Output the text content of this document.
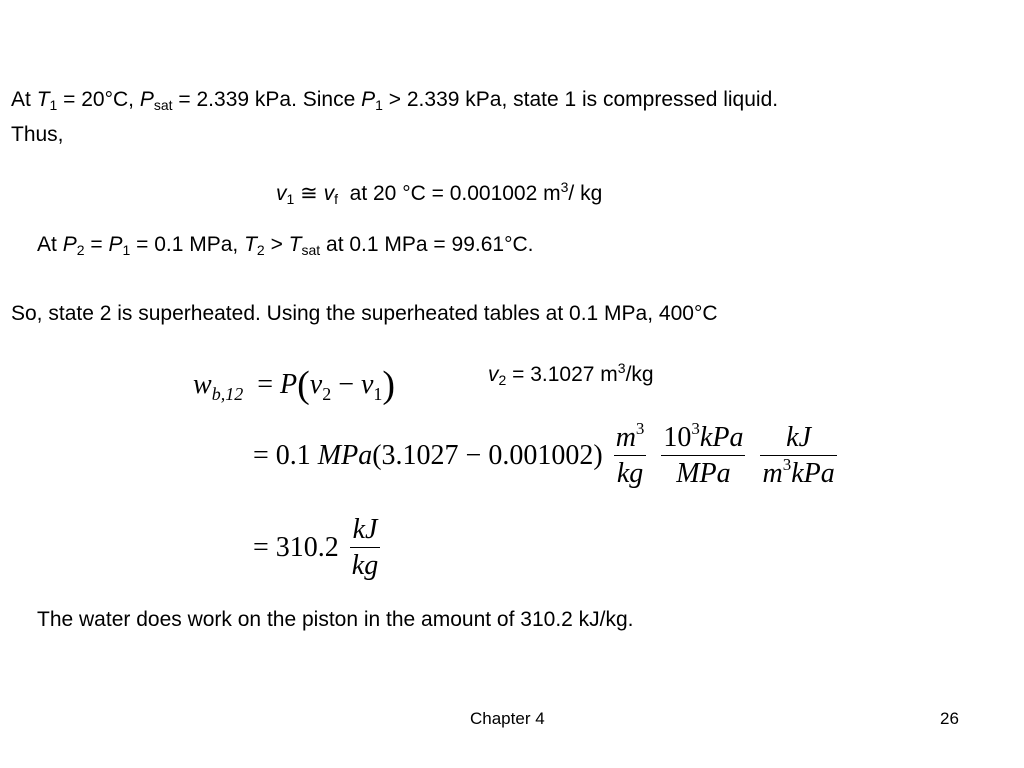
At $T_1 = 20^\circ C$, $P_{sat} = 2.339$ kPa. Since $P_1 > 2.339$ kPa, state 1 is compressed liquid.
Thus,
$v_1$ ≅ $v_f$ at 20 °C = 0.001002 $m^3/$ kg
At $P_2 = P_1 = 0.1$ MPa, $T_2 > T_{sat}$ at 0.1 MPa = 99.61°C.
So, state 2 is superheated. Using the superheated tables at 0.1 MPa, 400°C
$v_2 = 3.1027$ $m^3/kg$
$w_{b,12} = P(v_2 - v_1)$
= 0.1 $MPa(3.1027 - 0.001002) \frac{m^3}{kg}$
$\frac{10^3kPa}{\text{MPa}}$
$\frac{kJ}{m^3kPa}$
= $310.2 \frac{kJ}{kg}$
The water does work on the piston in the amount of 310.2 kJ/kg.
Chapter 4	26
